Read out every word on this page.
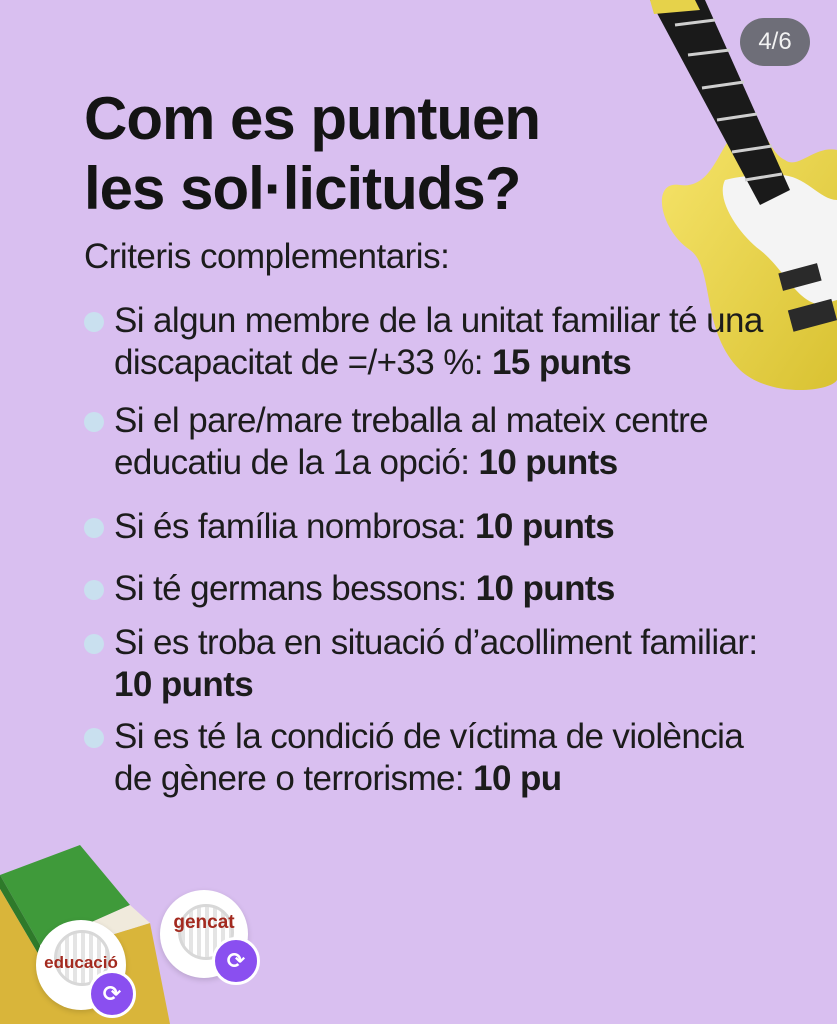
4/6
Com es puntuen
les sol·licituds?
Criteris complementaris:
Si algun membre de la unitat familiar té una discapacitat de =/+33 %: 15 punts
Si el pare/mare treballa al mateix centre educatiu de la 1a opció: 10 punts
Si és família nombrosa: 10 punts
Si té germans bessons: 10 punts
Si es troba en situació d’acolliment familiar: 10 punts
Si es té la condició de víctima de violència de gènere o terrorisme: 10 pu
educació
⟳
gencat
⟳
